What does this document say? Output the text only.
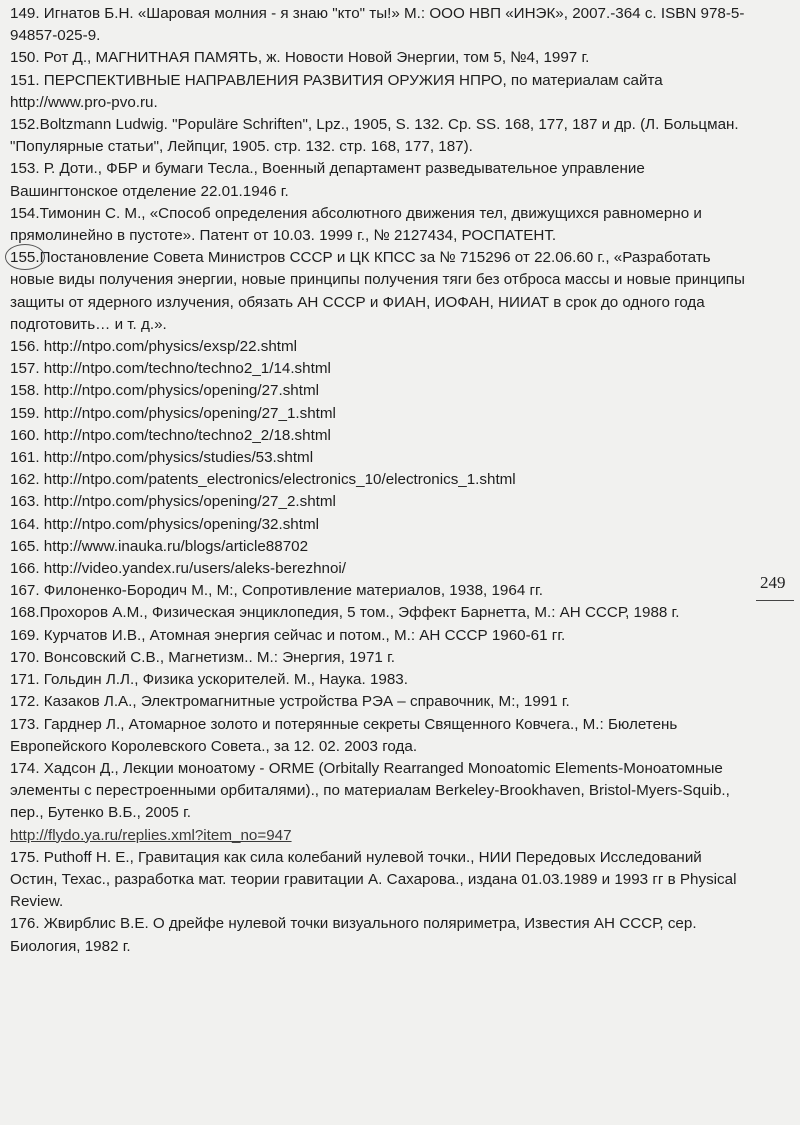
149. Игнатов Б.Н. «Шаровая молния - я знаю "кто" ты!» М.: ООО НВП «ИНЭК», 2007.-364 с. ISBN 978-5-94857-025-9.

150. Рот Д., МАГНИТНАЯ ПАМЯТЬ, ж. Новости Новой Энергии, том 5, №4, 1997 г.

151. ПЕРСПЕКТИВНЫЕ НАПРАВЛЕНИЯ РАЗВИТИЯ ОРУЖИЯ НПРО, по материалам сайта http://www.pro-pvo.ru.

152.Boltzmann Ludwig. "Populäre Schriften", Lpz., 1905, S. 132. Cp. SS. 168, 177, 187 и др. (Л. Больцман. "Популярные статьи", Лейпциг, 1905. стр. 132. стр. 168, 177, 187).

153. Р. Доти., ФБР и бумаги Тесла., Военный департамент разведывательное управление Вашингтонское отделение 22.01.1946 г.

154.Тимонин С. М., «Способ определения абсолютного движения тел, движущихся равномерно и прямолинейно в пустоте». Патент от 10.03. 1999 г., № 2127434, РОСПАТЕНТ.

155.
Постановление Совета Министров СССР и ЦК КПСС за № 715296 от 22.06.60 г., «Разработать новые виды получения энергии, новые принципы получения тяги без отброса массы и новые принципы защиты от ядерного излучения, обязать АН СССР и ФИАН, ИОФАН, НИИАТ в срок до одного года подготовить… и т. д.».

156. http://ntpo.com/physics/exsp/22.shtml

157. http://ntpo.com/techno/techno2_1/14.shtml

158. http://ntpo.com/physics/opening/27.shtml

159. http://ntpo.com/physics/opening/27_1.shtml

160. http://ntpo.com/techno/techno2_2/18.shtml

161. http://ntpo.com/physics/studies/53.shtml

162. http://ntpo.com/patents_electronics/electronics_10/electronics_1.shtml

163. http://ntpo.com/physics/opening/27_2.shtml

164. http://ntpo.com/physics/opening/32.shtml

165. http://www.inauka.ru/blogs/article88702

166. http://video.yandex.ru/users/aleks-berezhnoi/

167. Филоненко-Бородич М., М:, Сопротивление материалов, 1938, 1964 гг.

168.Прохоров А.М., Физическая энциклопедия, 5 том., Эффект Барнетта, М.: АН СССР, 1988 г.

169. Курчатов И.В., Атомная энергия сейчас и потом., М.: АН СССР 1960-61 гг.

170. Вонсовский С.В., Магнетизм.. М.: Энергия, 1971 г.

171. Гольдин Л.Л., Физика ускорителей. М., Наука. 1983.

172. Казаков Л.А., Электромагнитные устройства РЭА – справочник, М:, 1991 г.

173. Гарднер Л., Атомарное золото и потерянные секреты Священного Ковчега., М.: Бюлетень Европейского Королевского Совета., за 12. 02. 2003 года.

174. Хадсон Д., Лекции моноатому - ORME (Orbitally Rearranged Monoatomic Elements-Моноатомные элементы с перестроенными орбиталями)., по материалам Berkeley-Brookhaven, Bristol-Myers-Squib., пер., Бутенко В.Б., 2005 г.
http://flydo.ya.ru/replies.xml?item_no=947

175. Puthoff H. E., Гравитация как сила колебаний нулевой точки., НИИ Передовых Исследований Остин, Техас., разработка мат. теории гравитации А. Сахарова., издана 01.03.1989 и 1993 гг в Physical Review.

176. Жвирблис В.Е. О дрейфе нулевой точки визуального поляриметра, Известия АН СССР, сер. Биология, 1982 г.

249
